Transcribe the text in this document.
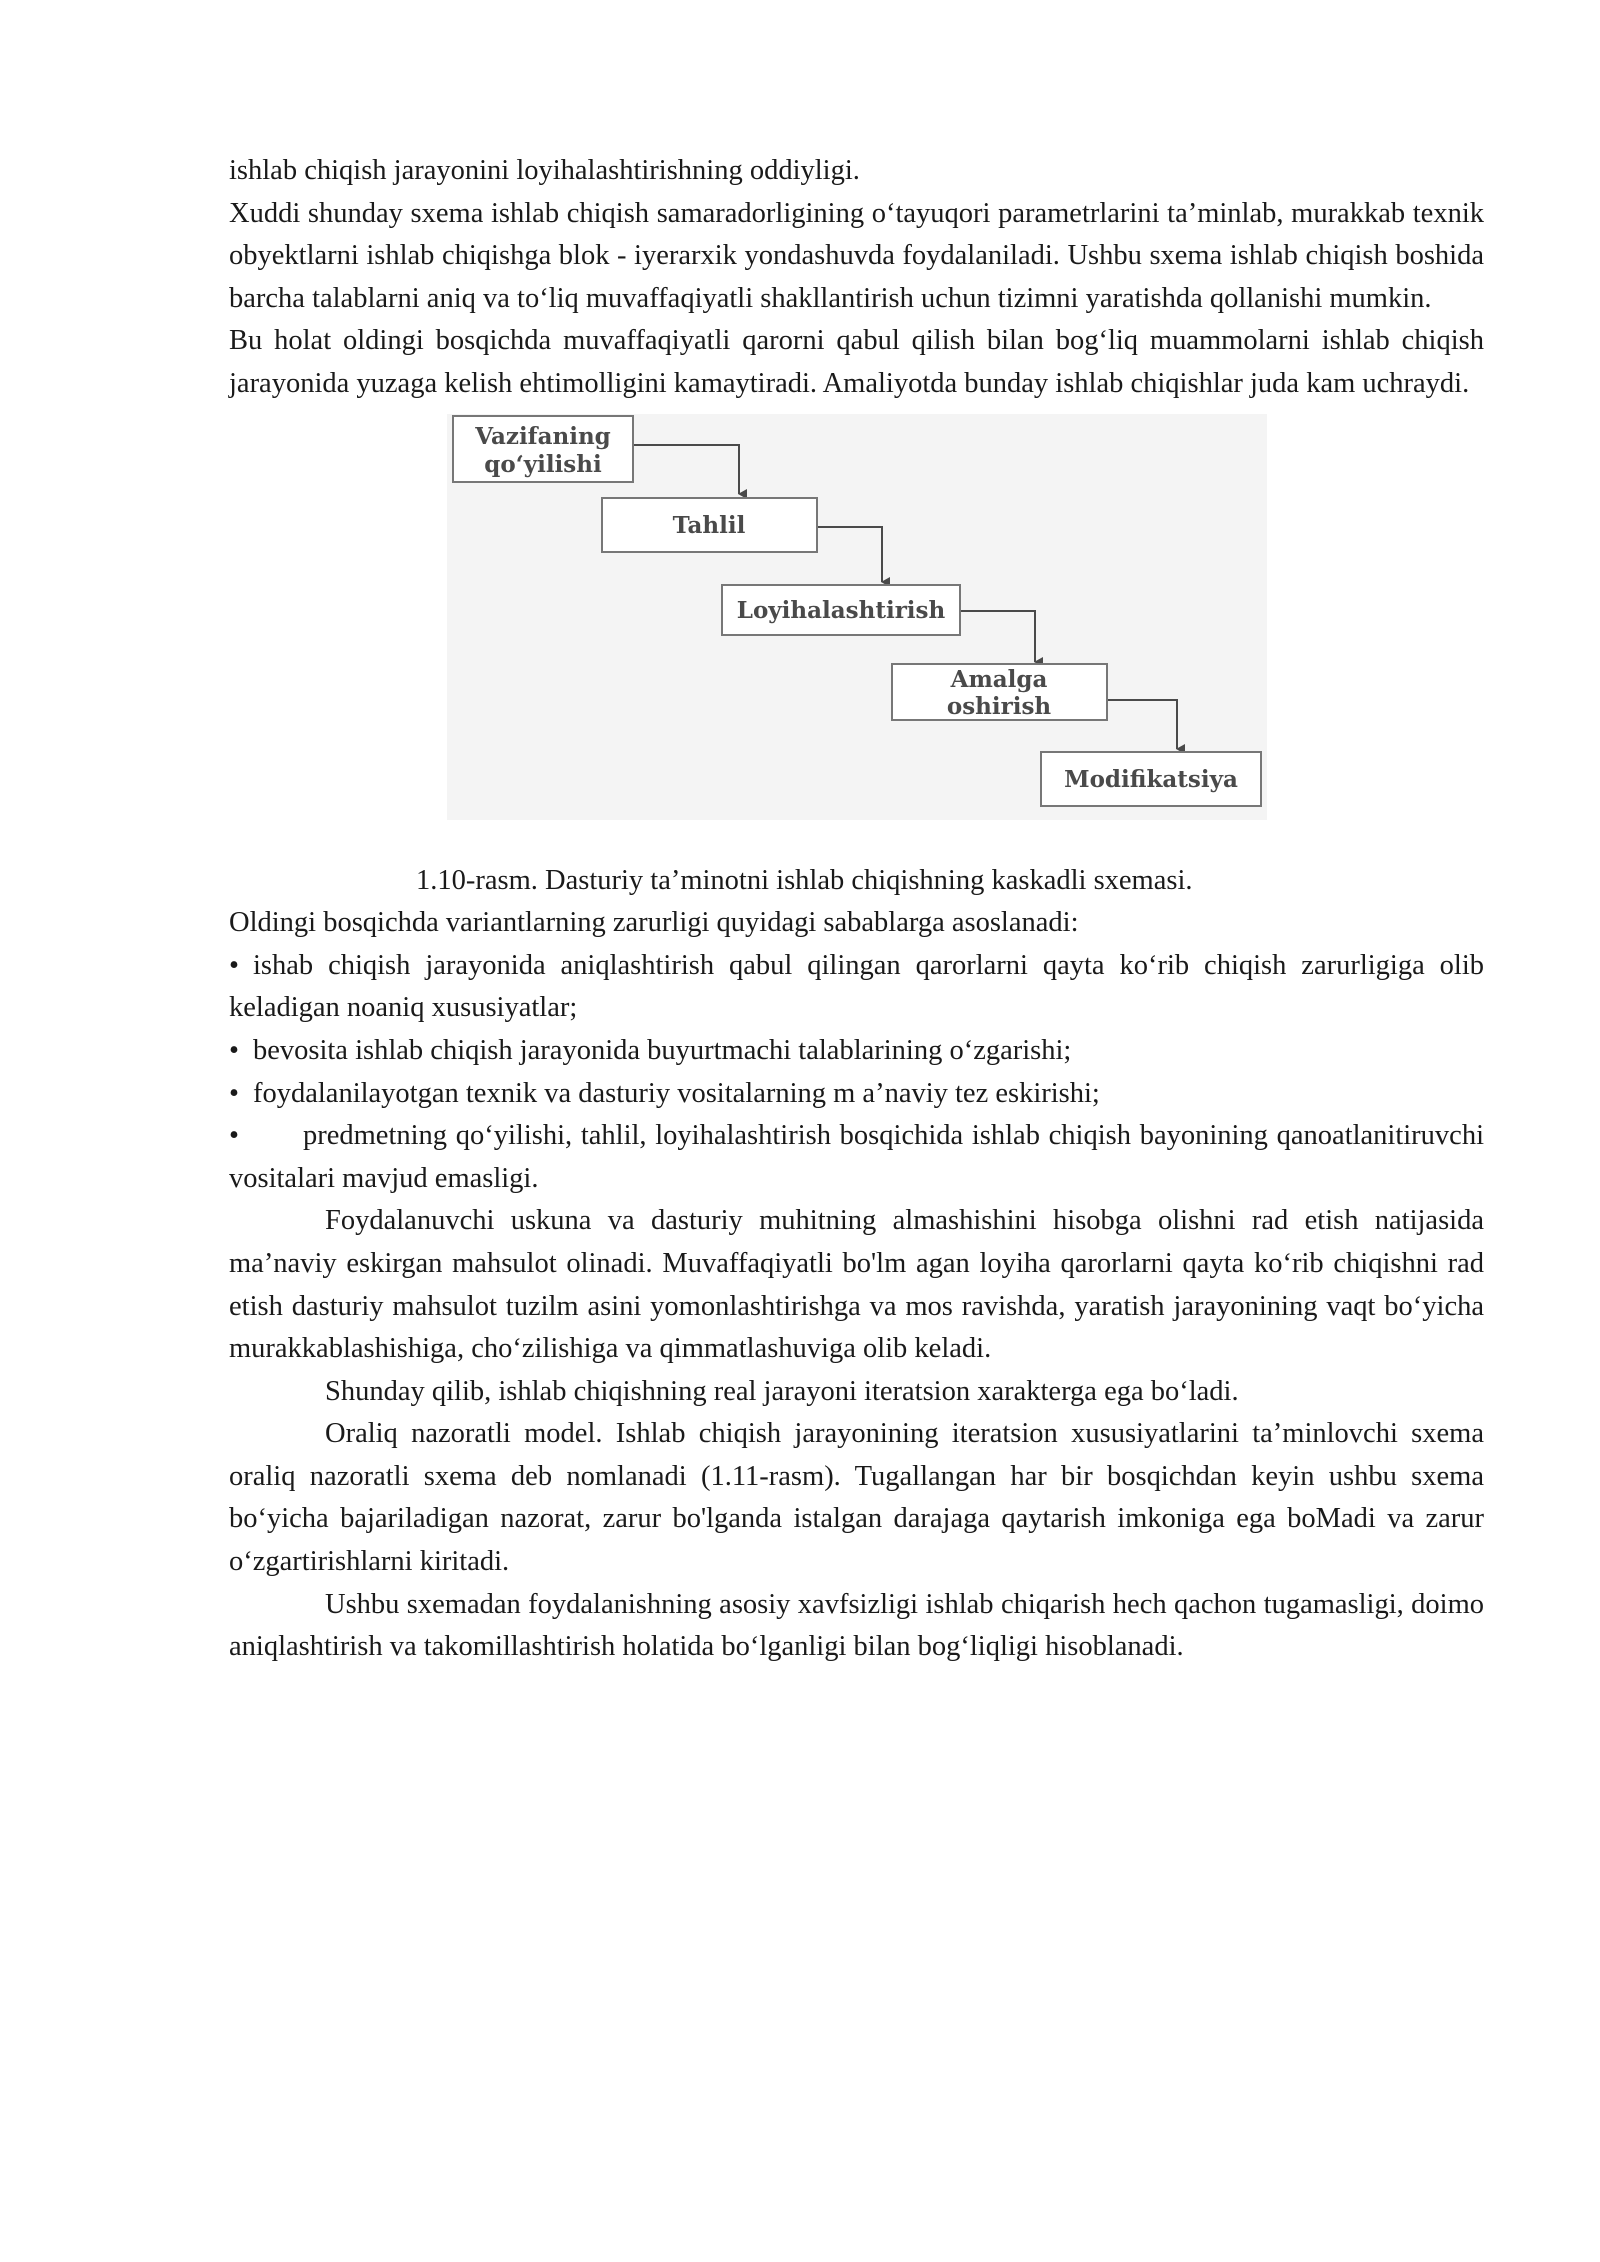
ishlab chiqish jarayonini loyihalashtirishning oddiyligi.

Xuddi shunday sxema ishlab chiqish samaradorligining o‘tayuqori parametrlarini ta’minlab, murakkab texnik obyektlarni ishlab chiqishga blok - iyerarxik yondashuvda foydalaniladi. Ushbu sxema ishlab chiqish boshida barcha talablarni aniq va to‘liq muvaffaqiyatli shakllantirish uchun tizimni yaratishda qollanishi mumkin.

Bu holat oldingi bosqichda muvaffaqiyatli qarorni qabul qilish bilan bog‘liq muammolarni ishlab chiqish jarayonida yuzaga kelish ehtimolligini kamaytiradi. Amaliyotda bunday ishlab chiqishlar juda kam uchraydi.

Vazifaning
qo‘yilishi
Tahlil
Loyihalashtirish
Amalga
oshirish
Modifikatsiya

1.10-rasm. Dasturiy ta’minotni ishlab chiqishning kaskadli sxemasi.

Oldingi bosqichda variantlarning zarurligi quyidagi sabablarga asoslanadi:

• ishab chiqish jarayonida aniqlashtirish qabul qilingan qarorlarni qayta ko‘rib chiqish zarurligiga olib keladigan noaniq xususiyatlar;

• bevosita ishlab chiqish jarayonida buyurtmachi talablarining o‘zgarishi;

• foydalanilayotgan texnik va dasturiy vositalarning m a’naviy tez eskirishi;

• predmetning qo‘yilishi, tahlil, loyihalashtirish bosqichida ishlab chiqish bayonining qanoatlanitiruvchi vositalari mavjud emasligi.

Foydalanuvchi uskuna va dasturiy muhitning almashishini hisobga olishni rad etish natijasida ma’naviy eskirgan mahsulot olinadi. Muvaffaqiyatli bo'lm agan loyiha qarorlarni qayta ko‘rib chiqishni rad etish dasturiy mahsulot tuzilm asini yomonlashtirishga va mos ravishda, yaratish jarayonining vaqt bo‘yicha murakkablashishiga, cho‘zilishiga va qimmatlashuviga olib keladi.

Shunday qilib, ishlab chiqishning real jarayoni iteratsion xarakterga ega bo‘ladi.

Oraliq nazoratli model. Ishlab chiqish jarayonining iteratsion xususiyatlarini ta’minlovchi sxema oraliq nazoratli sxema deb nomlanadi (1.11-rasm). Tugallangan har bir bosqichdan keyin ushbu sxema bo‘yicha bajariladigan nazorat, zarur bo'lganda istalgan darajaga qaytarish imkoniga ega boMadi va zarur o‘zgartirishlarni kiritadi.

Ushbu sxemadan foydalanishning asosiy xavfsizligi ishlab chiqarish hech qachon tugamasligi, doimo aniqlashtirish va takomillashtirish holatida bo‘lganligi bilan bog‘liqligi hisoblanadi.
